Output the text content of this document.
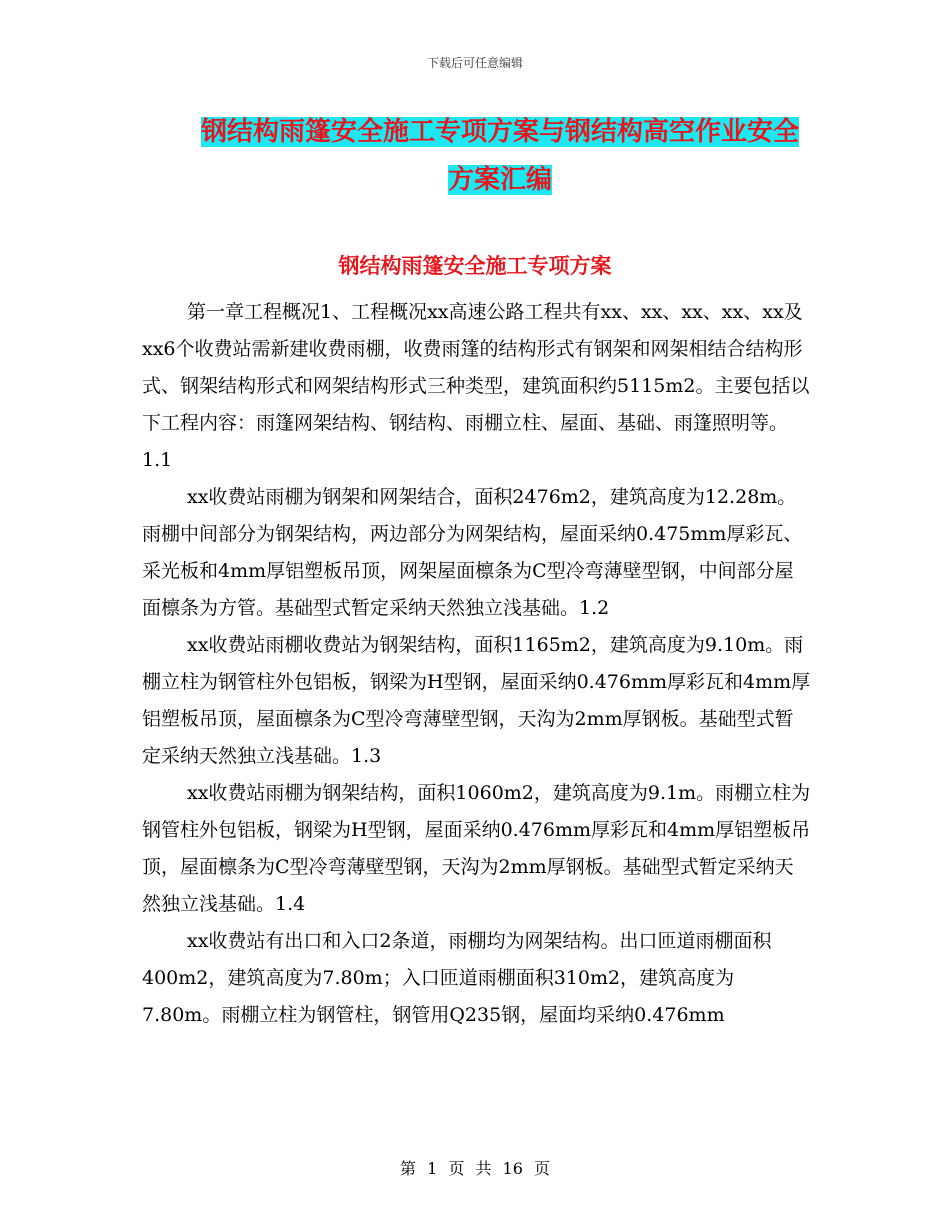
下载后可任意编辑
钢结构雨篷安全施工专项方案与钢结构高空作业安全
方案汇编
钢结构雨篷安全施工专项方案

第一章工程概况1、工程概况xx高速公路工程共有xx、xx、xx、xx、xx及xx6个收费站需新建收费雨棚，收费雨篷的结构形式有钢架和网架相结合结构形式、钢架结构形式和网架结构形式三种类型，建筑面积约5115m2。主要包括以下工程内容：雨篷网架结构、钢结构、雨棚立柱、屋面、基础、雨篷照明等。1.1

xx收费站雨棚为钢架和网架结合，面积2476m2，建筑高度为12.28m。雨棚中间部分为钢架结构，两边部分为网架结构，屋面采纳0.475mm厚彩瓦、采光板和4mm厚铝塑板吊顶，网架屋面檩条为C型冷弯薄壁型钢，中间部分屋面檩条为方管。基础型式暂定采纳天然独立浅基础。1.2

xx收费站雨棚收费站为钢架结构，面积1165m2，建筑高度为9.10m。雨棚立柱为钢管柱外包铝板，钢梁为H型钢，屋面采纳0.476mm厚彩瓦和4mm厚铝塑板吊顶，屋面檩条为C型冷弯薄壁型钢，天沟为2mm厚钢板。基础型式暂定采纳天然独立浅基础。1.3

xx收费站雨棚为钢架结构，面积1060m2，建筑高度为9.1m。雨棚立柱为钢管柱外包铝板，钢梁为H型钢，屋面采纳0.476mm厚彩瓦和4mm厚铝塑板吊顶，屋面檩条为C型冷弯薄壁型钢，天沟为2mm厚钢板。基础型式暂定采纳天然独立浅基础。1.4

xx收费站有出口和入口2条道，雨棚均为网架结构。出口匝道雨棚面积400m2，建筑高度为7.80m；入口匝道雨棚面积310m2，建筑高度为7.80m。雨棚立柱为钢管柱，钢管用Q235钢，屋面均采纳0.476mm

第 1 页 共 16 页
